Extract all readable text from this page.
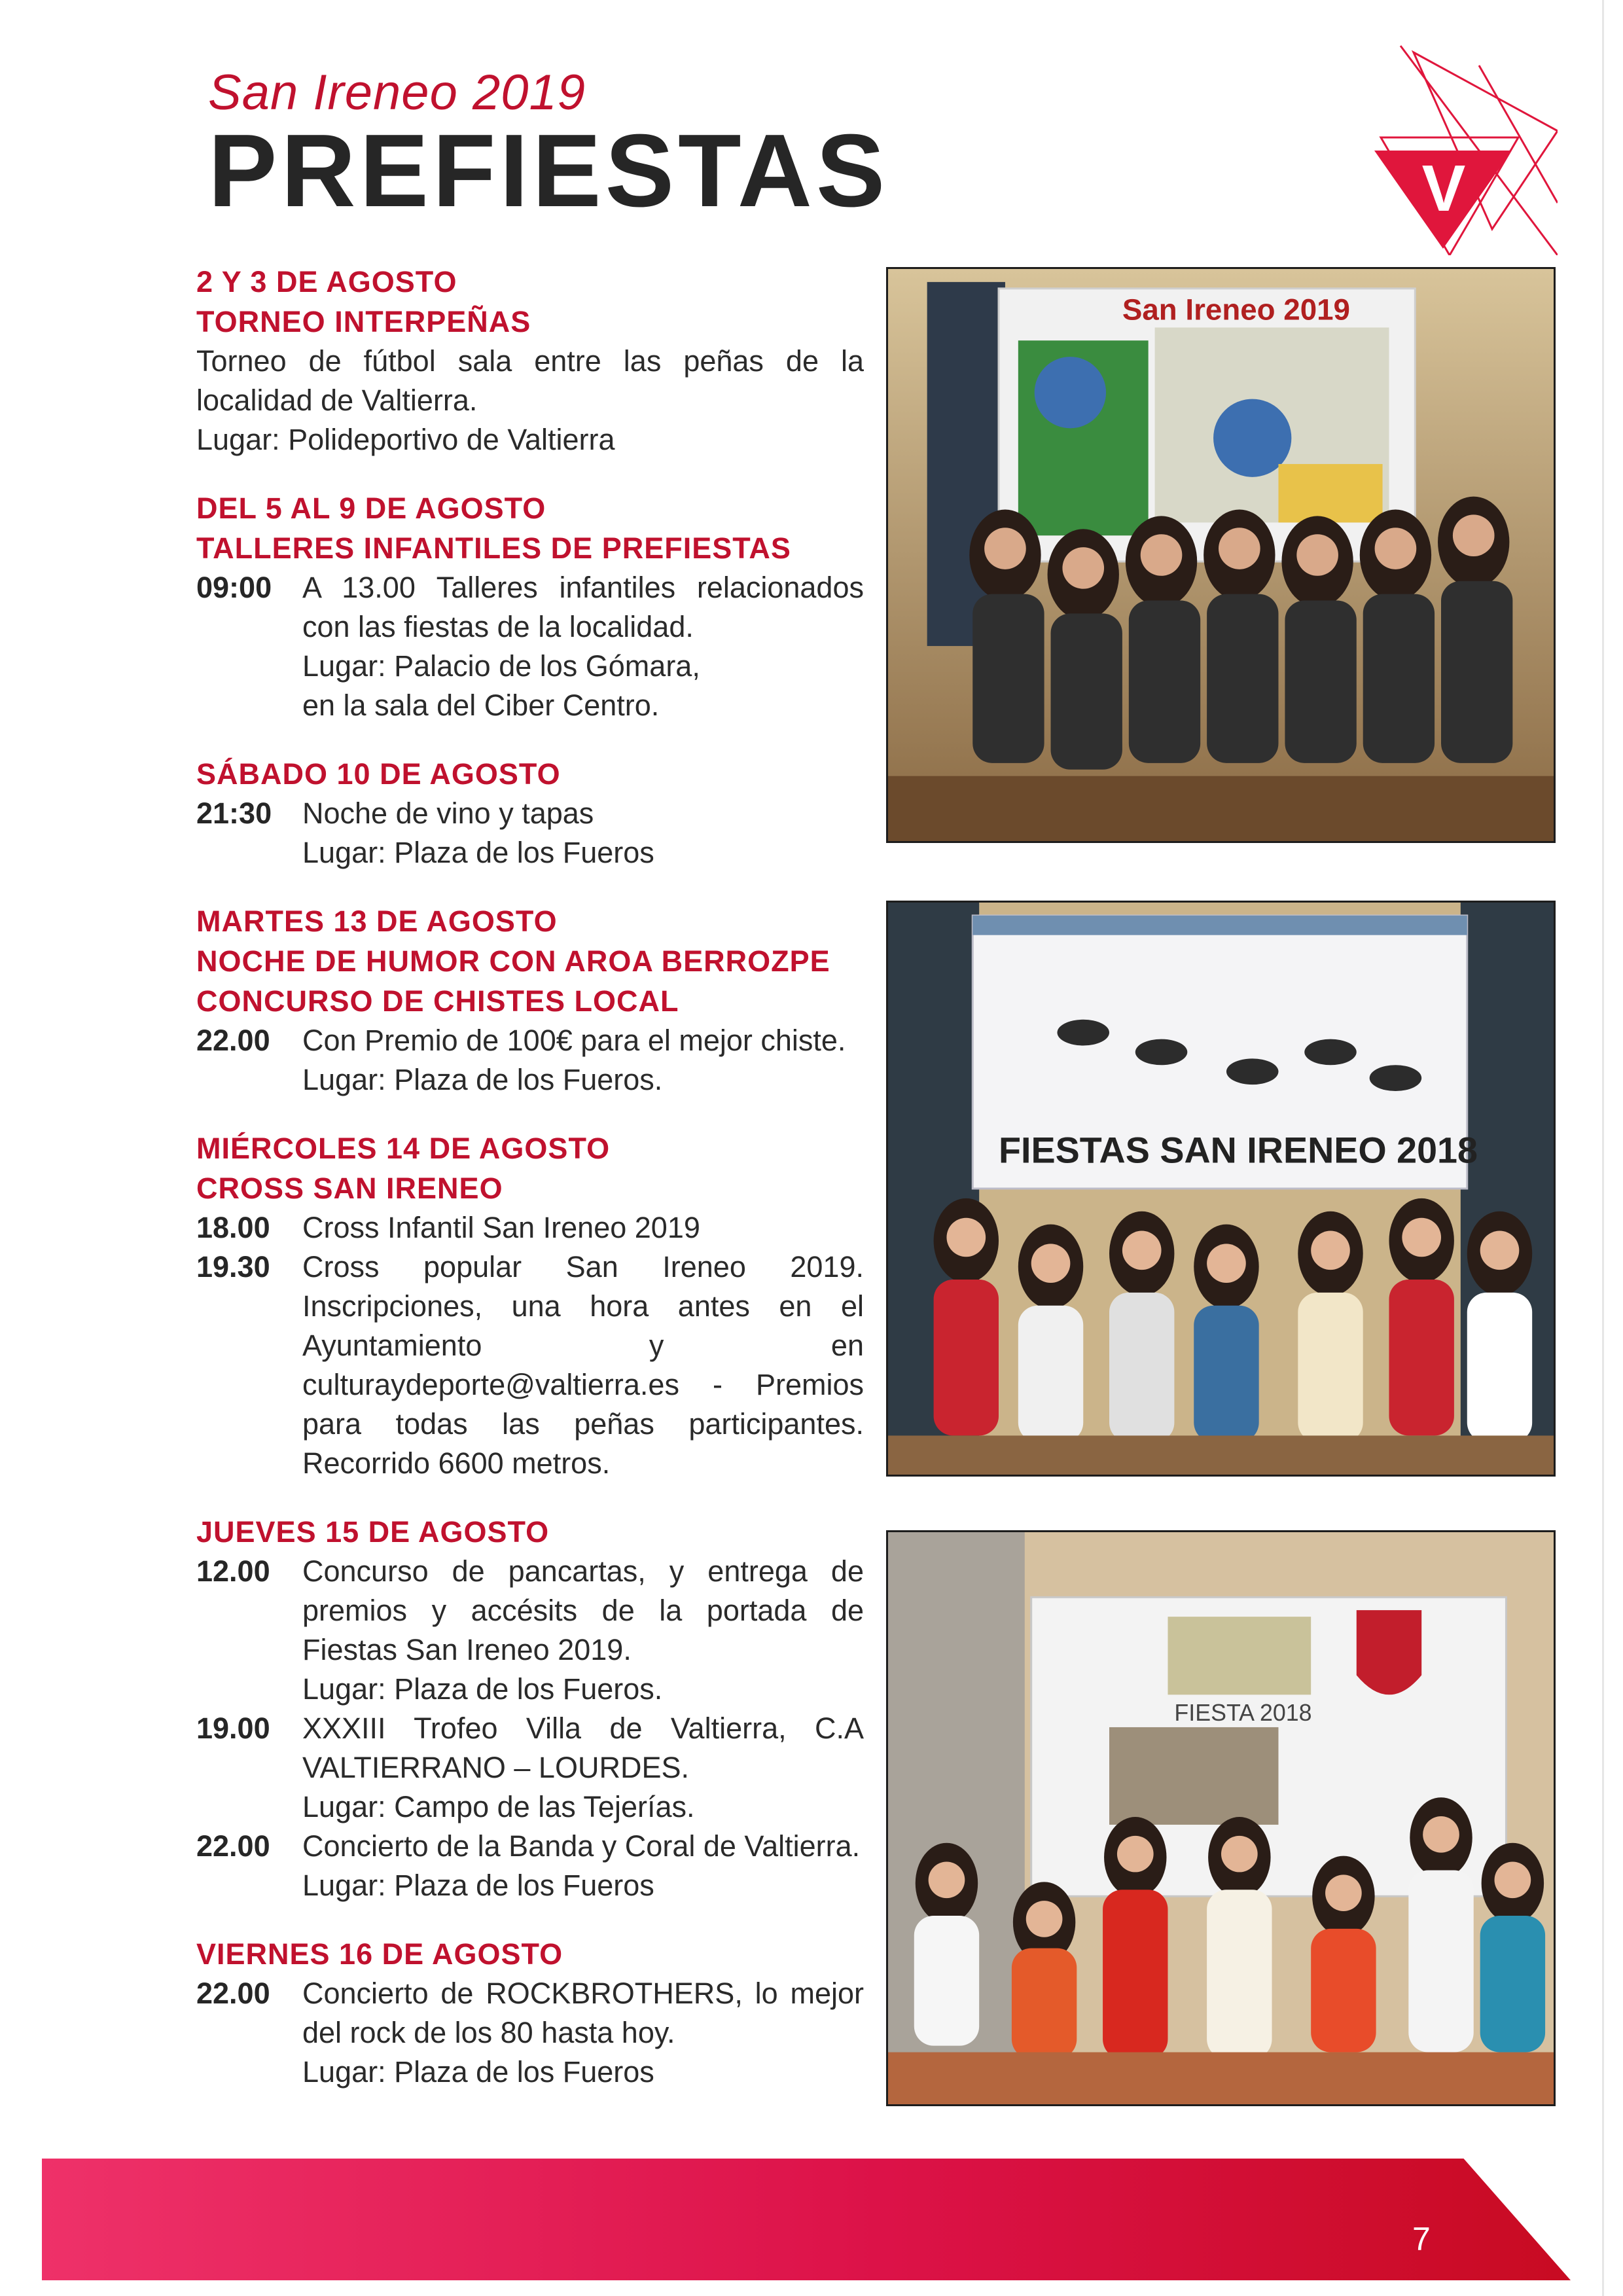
San Ireneo 2019
PREFIESTAS	V
2 Y 3 DE AGOSTO
TORNEO INTERPEÑAS
Torneo de fútbol sala entre las peñas de la localidad de Valtierra.
Lugar: Polideportivo de Valtierra
DEL 5 AL 9 DE AGOSTO
TALLERES INFANTILES DE PREFIESTAS
09:00	A 13.00 Talleres infantiles relacionados con las fiestas de la localidad.
Lugar: Palacio de los Gómara,
en la sala del Ciber Centro.
SÁBADO 10 DE AGOSTO
21:30	Noche de vino y tapas
Lugar: Plaza de los Fueros
MARTES 13 DE AGOSTO
NOCHE DE HUMOR CON AROA BERROZPE
CONCURSO DE CHISTES LOCAL
22.00	Con Premio de 100€ para el mejor chiste.
Lugar: Plaza de los Fueros.
MIÉRCOLES 14 DE AGOSTO
CROSS SAN IRENEO
18.00	Cross Infantil San Ireneo 2019
19.30	Cross popular San Ireneo 2019. Inscripciones, una hora antes en el Ayuntamiento y en culturaydeporte@valtierra.es - Premios para todas las peñas participantes. Recorrido 6600 metros.
JUEVES 15 DE AGOSTO
12.00	Concurso de pancartas, y entrega de premios y accésits de la portada de Fiestas San Ireneo 2019.
Lugar: Plaza de los Fueros.
19.00	XXXIII Trofeo Villa de Valtierra, C.A VALTIERRANO – LOURDES.
Lugar: Campo de las Tejerías.
22.00	Concierto de la Banda y Coral de Valtierra.
Lugar: Plaza de los Fueros
VIERNES 16 DE AGOSTO
22.00	Concierto de ROCKBROTHERS, lo mejor del rock de los 80 hasta hoy.
Lugar: Plaza de los Fueros
San Ireneo 2019
FIESTAS SAN IRENEO 2018
FIESTA 2018
7
